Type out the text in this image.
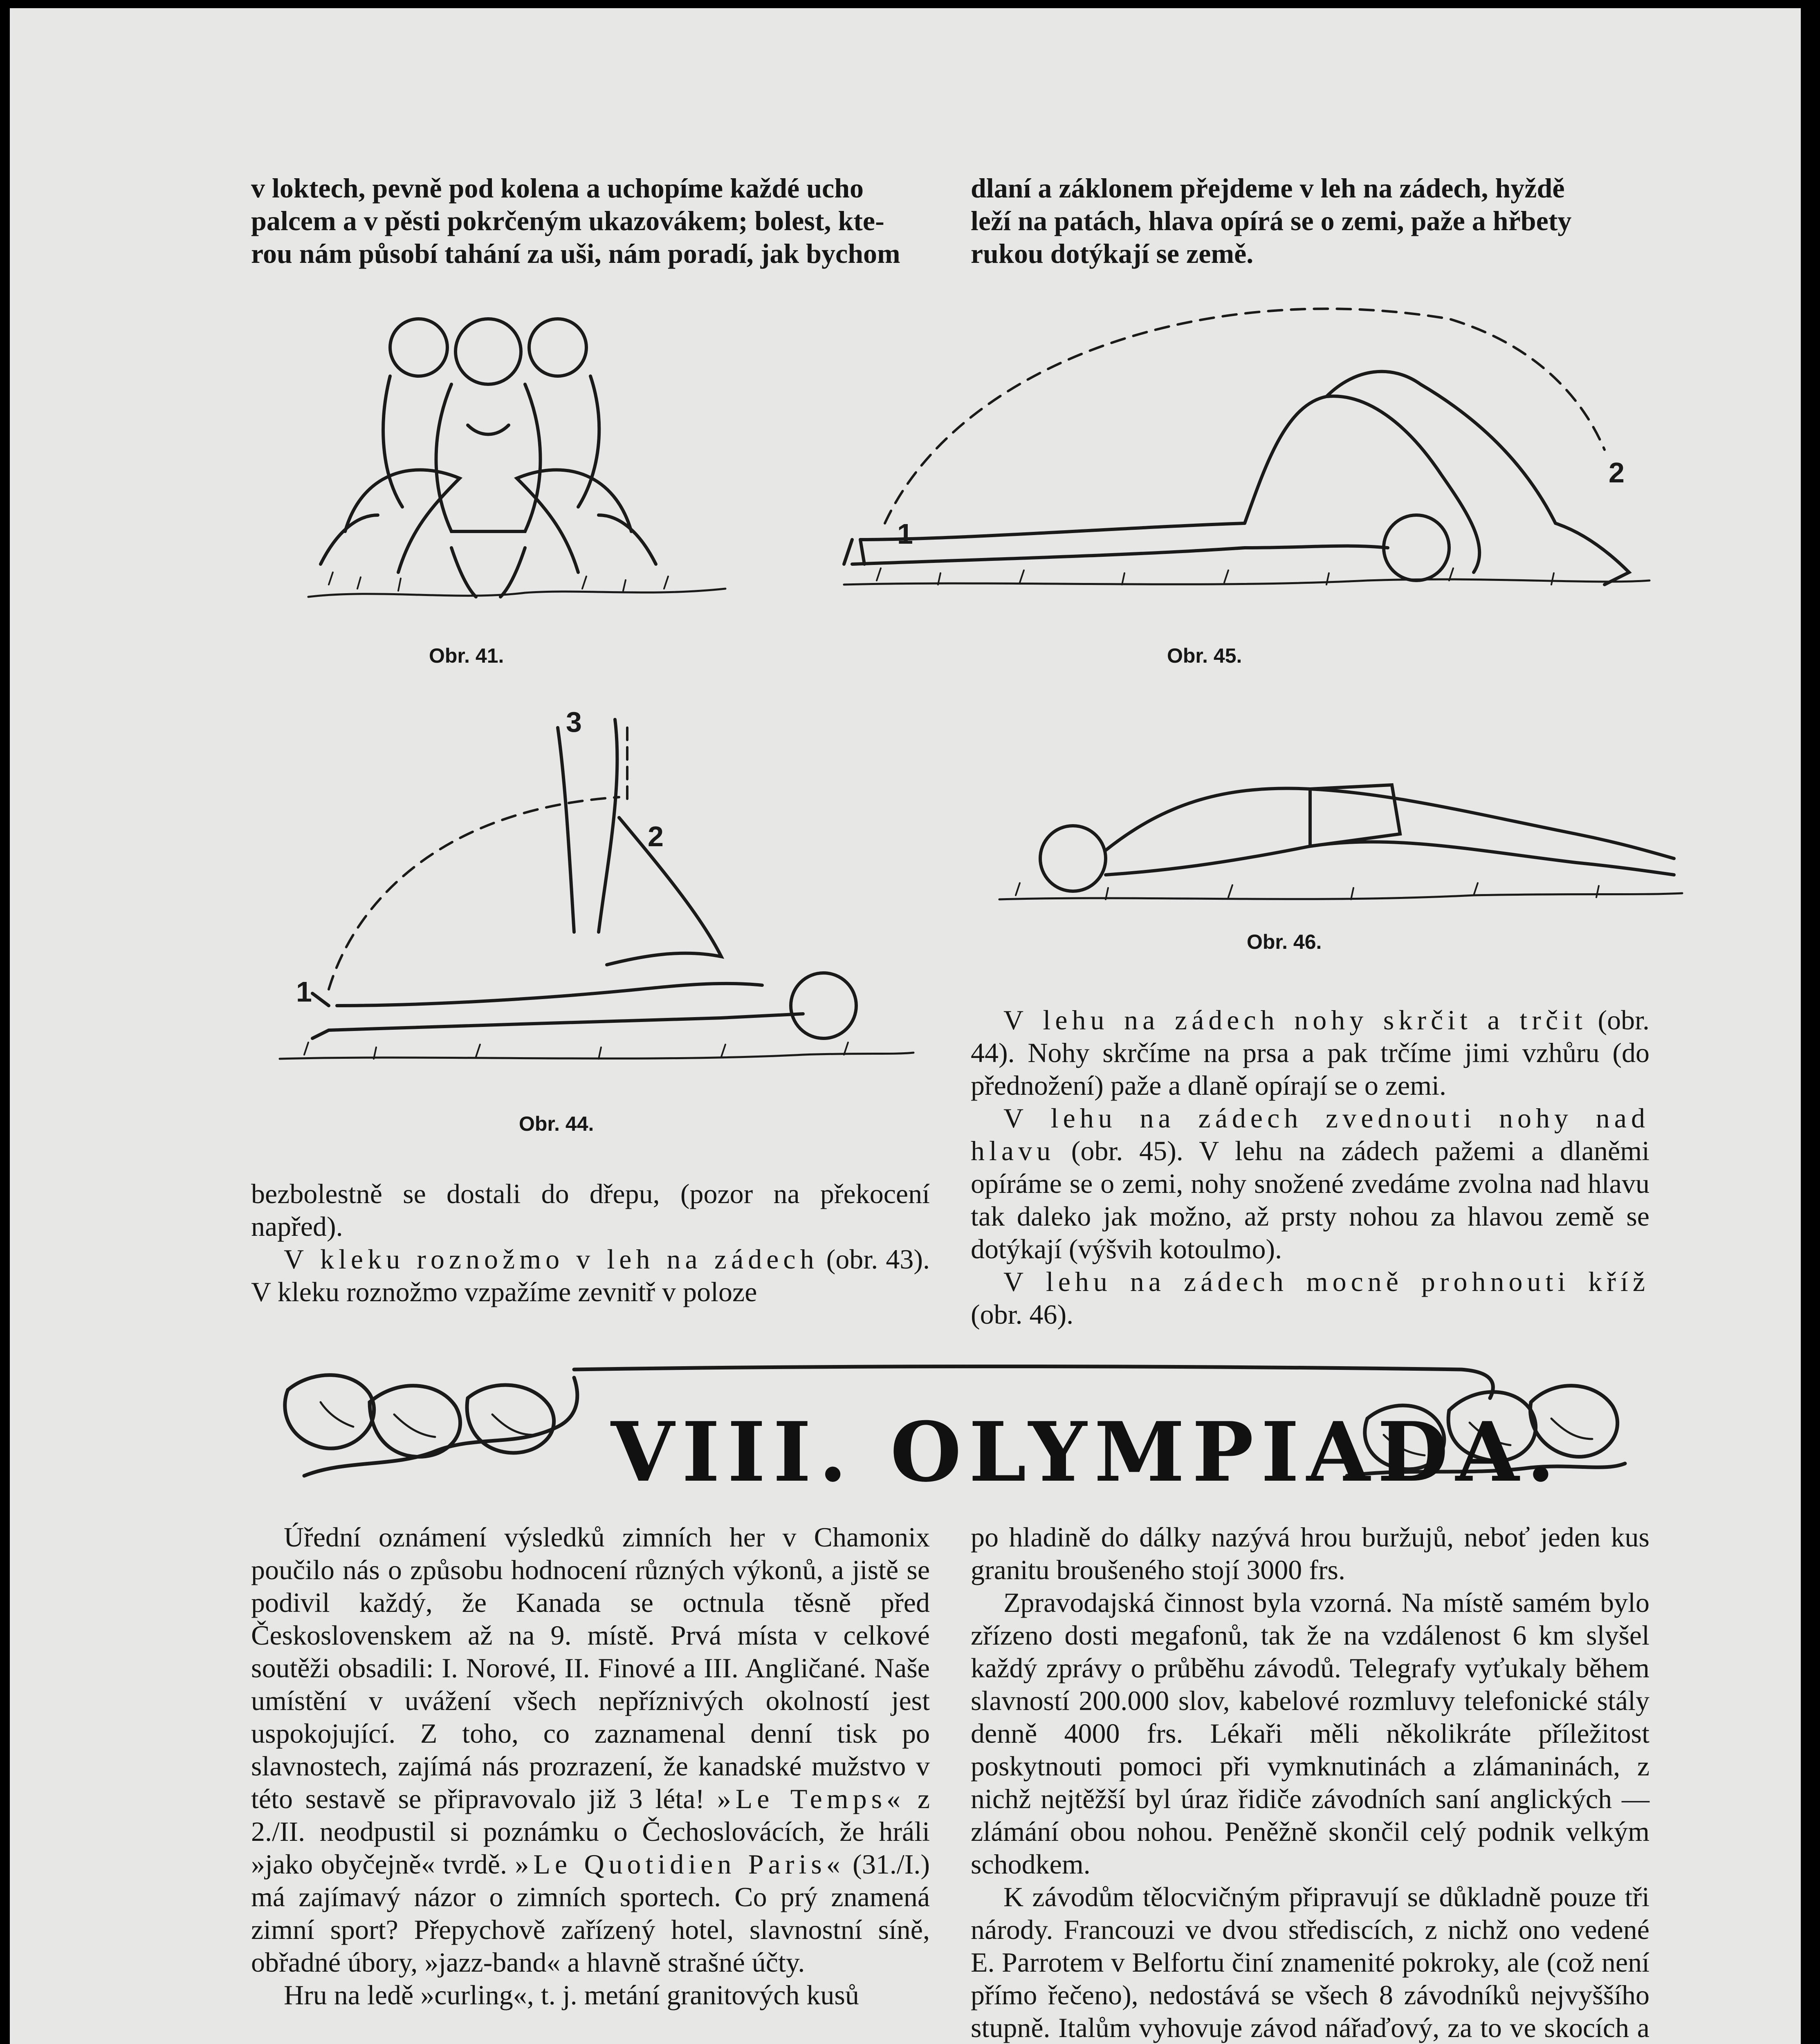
v loktech, pevně pod kolena a uchopíme každé ucho

palcem a v pěsti pokrčeným ukazovákem; bolest, kte-

rou nám působí tahání za uši, nám poradí, jak bychom

dlaní a záklonem přejdeme v leh na zádech, hyždě

leží na patách, hlava opírá se o zemi, paže a hřbety

rukou dotýkají se země.

Obr. 41.
1
2
Obr. 45.
1
2
3
Obr. 44.
Obr. 46.

bezbolestně se dostali do dřepu, (pozor na překocení napřed).

V kleku roznožmo v leh na zádech (obr. 43). V kleku roznožmo vzpažíme zevnitř v poloze

V lehu na zádech nohy skrčit a trčit (obr. 44). Nohy skrčíme na prsa a pak trčíme jimi vzhůru (do přednožení) paže a dlaně opírají se o zemi.

V lehu na zádech zvednouti nohy nad hlavu (obr. 45). V lehu na zádech pažemi a dlaněmi opíráme se o zemi, nohy snožené zvedáme zvolna nad hlavu tak daleko jak možno, až prsty nohou za hlavou země se dotýkají (výšvih kotoulmo).

V lehu na zádech mocně prohnouti kříž (obr. 46).

VIII. OLYMPIADA.

Úřední oznámení výsledků zimních her v Chamonix poučilo nás o způsobu hodnocení různých výkonů, a jistě se podivil každý, že Kanada se octnula těsně před Československem až na 9. místě. Prvá místa v celkové soutěži obsadili: I. Norové, II. Finové a III. Angličané. Naše umístění v uvážení všech nepříznivých okolností jest uspokojující. Z toho, co zaznamenal denní tisk po slavnostech, zajímá nás prozrazení, že kanadské mužstvo v této sestavě se připravovalo již 3 léta! »Le Temps« z 2./II. neodpustil si poznámku o Čechoslovácích, že hráli »jako obyčejně« tvrdě. »Le Quotidien Paris« (31./I.) má zajímavý názor o zimních sportech. Co prý znamená zimní sport? Přepychově zařízený hotel, slavnostní síně, obřadné úbory, »jazz-band« a hlavně strašné účty.

Hru na ledě »curling«, t. j. metání granitových kusů

po hladině do dálky nazývá hrou buržujů, neboť jeden kus granitu broušeného stojí 3000 frs.

Zpravodajská činnost byla vzorná. Na místě samém bylo zřízeno dosti megafonů, tak že na vzdálenost 6 km slyšel každý zprávy o průběhu závodů. Telegrafy vyťukaly během slavností 200.000 slov, kabelové rozmluvy telefonické stály denně 4000 frs. Lékaři měli několikráte příležitost poskytnouti pomoci při vymknutinách a zlámaninách, z nichž nejtěžší byl úraz řidiče závodních saní anglických — zlámání obou nohou. Peněžně skončil celý podnik velkým schodkem.

K závodům tělocvičným připravují se důkladně pouze tři národy. Francouzi ve dvou střediscích, z nichž ono vedené E. Parrotem v Belfortu činí znamenité pokroky, ale (což není přímo řečeno), nedostává se všech 8 závodníků nejvyššího stupně. Italům vyhovuje závod nářaďový, za to ve skocích a
